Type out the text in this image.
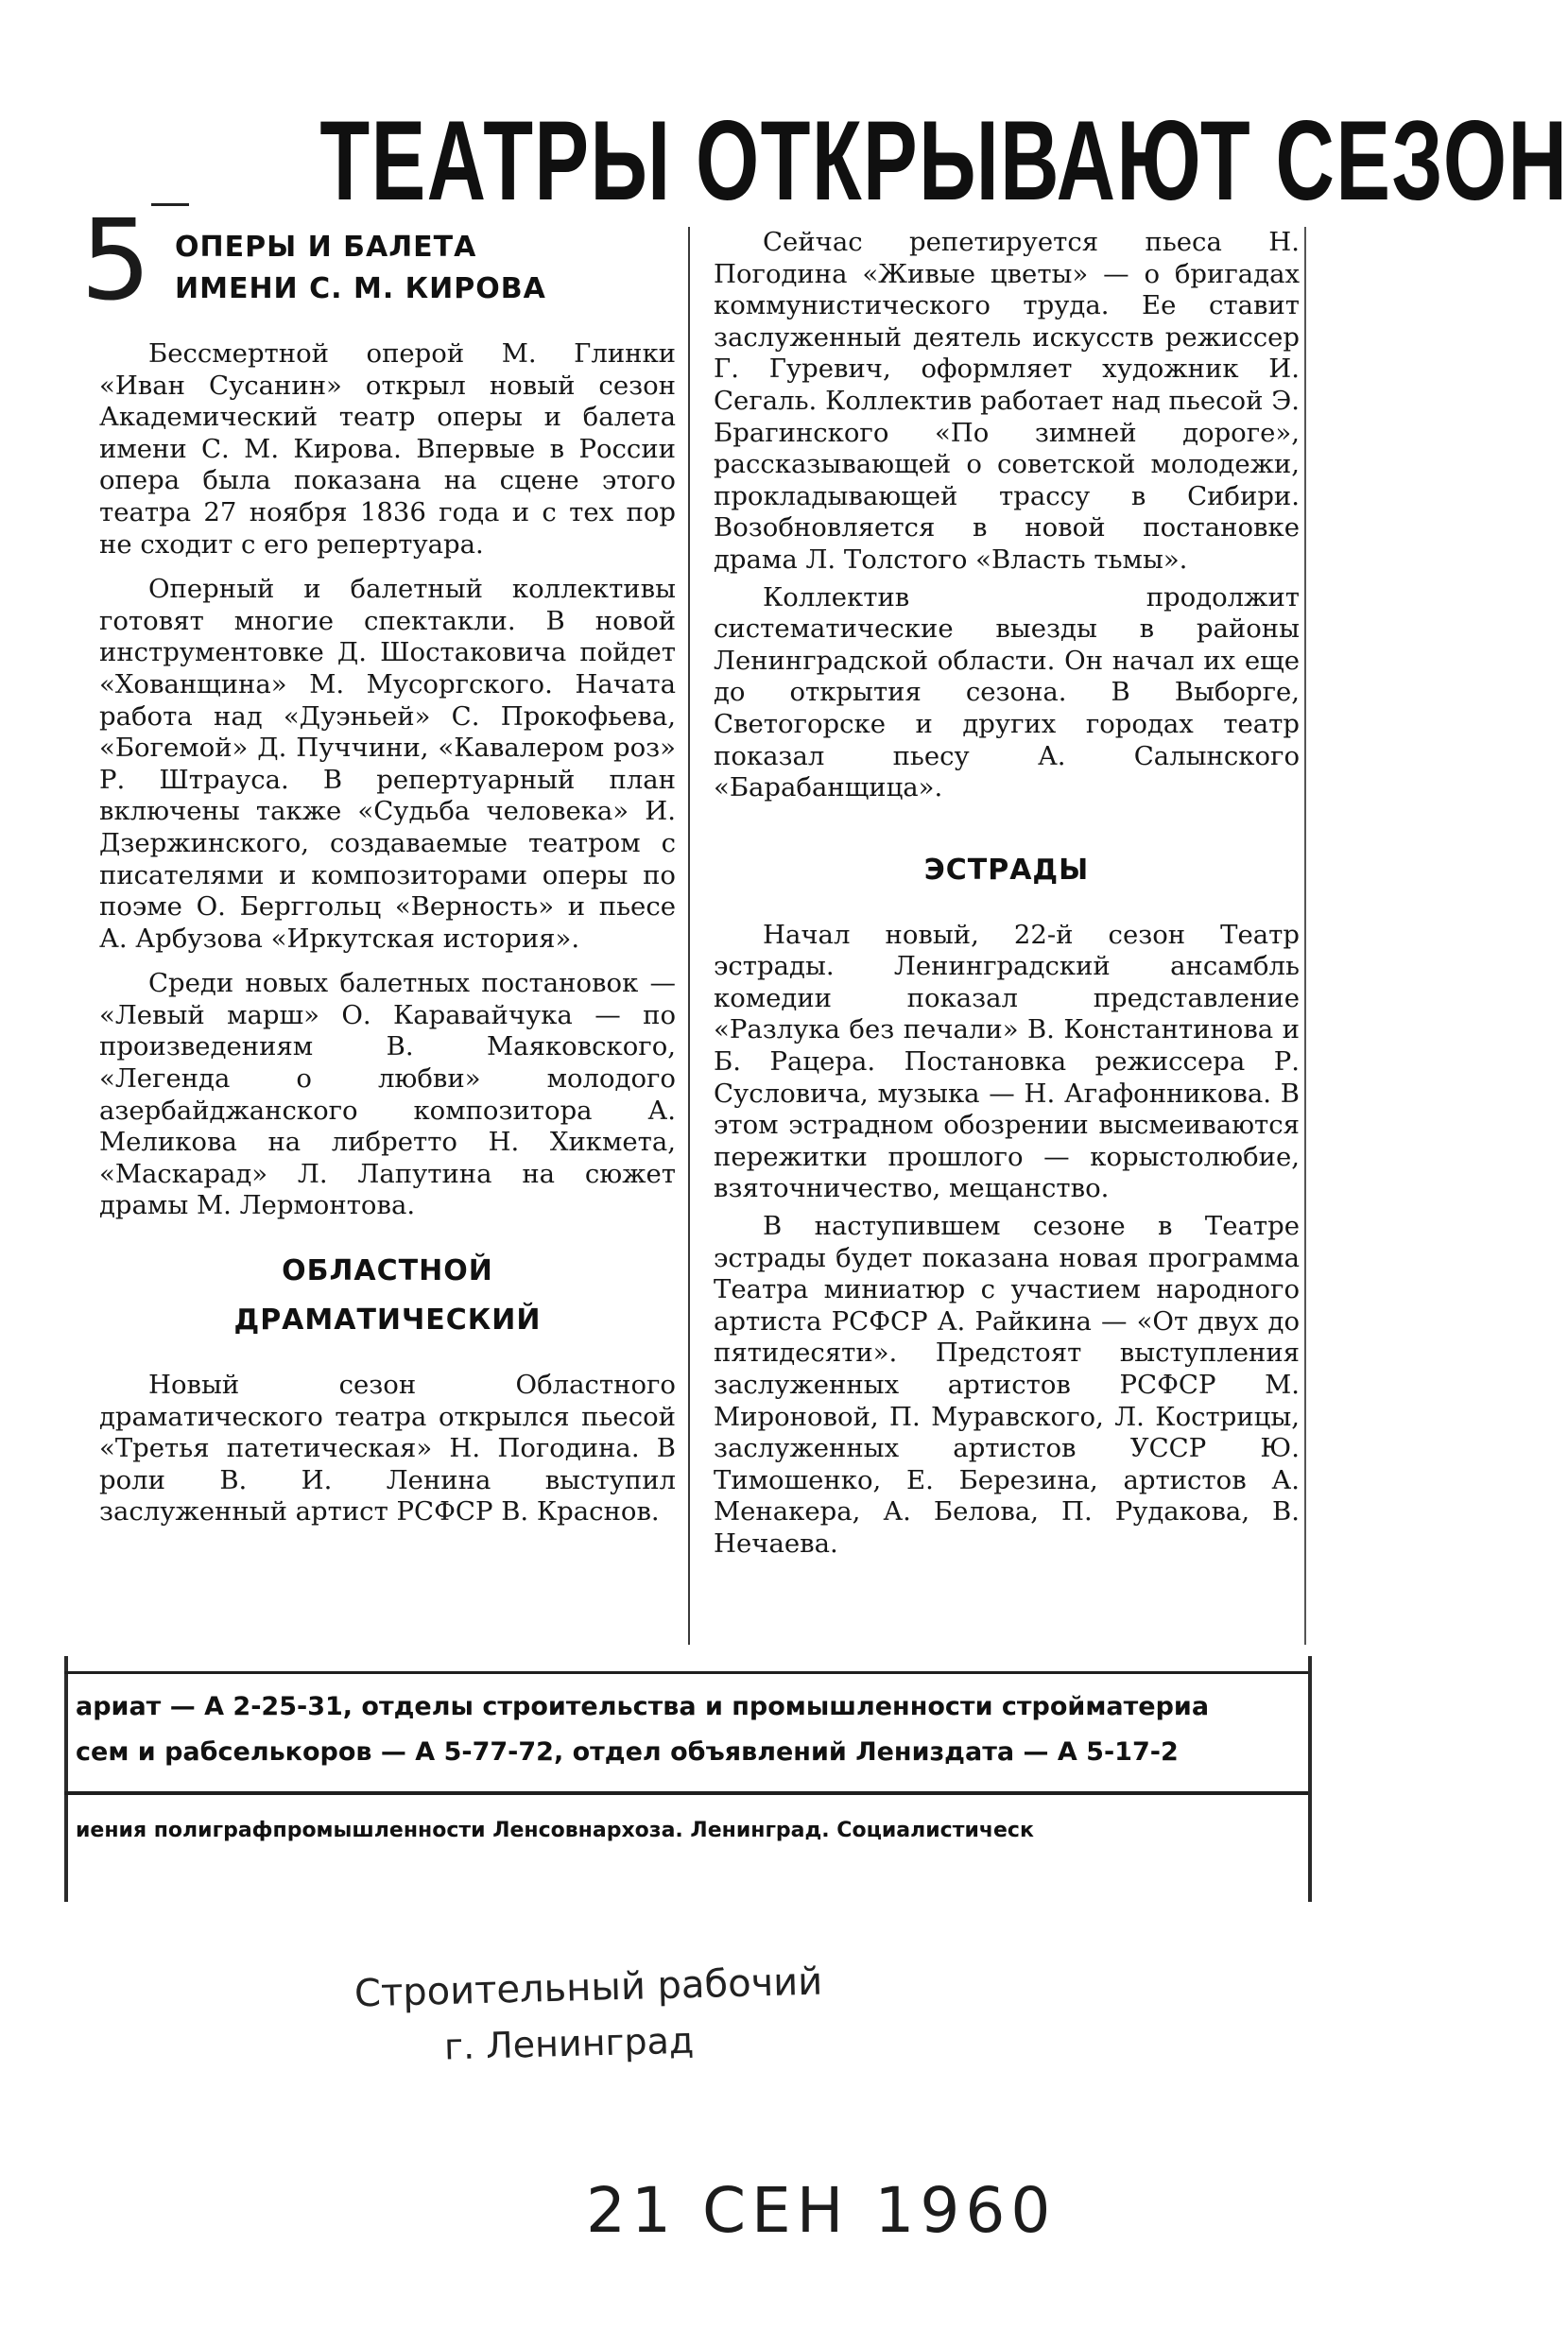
5
ТЕАТРЫ ОТКРЫВАЮТ СЕЗОН
ОПЕРЫ И БАЛЕТА
ИМЕНИ С. М. КИРОВА

Бессмертной оперой М. Глинки «Иван Сусанин» открыл новый сезон Академический театр оперы и балета имени С. М. Кирова. Впервые в России опера была показана на сцене этого театра 27 ноября 1836 года и с тех пор не сходит с его репертуара.

Оперный и балетный коллективы готовят многие спектакли. В новой инструментовке Д. Шостаковича пойдет «Хованщина» М. Мусоргского. Начата работа над «Дуэньей» С. Прокофьева, «Богемой» Д. Пуччини, «Кавалером роз» Р. Штрауса. В репертуарный план включены также «Судьба человека» И. Дзержинского, создаваемые театром с писателями и композиторами оперы по поэме О. Берггольц «Верность» и пьесе А. Арбузова «Иркутская история».

Среди новых балетных постановок — «Левый марш» О. Каравайчука — по произведениям В. Маяковского, «Легенда о любви» молодого азербайджанского композитора А. Меликова на либретто Н. Хикмета, «Маскарад» Л. Лапутина на сюжет драмы М. Лермонтова.

ОБЛАСТНОЙ
ДРАМАТИЧЕСКИЙ

Новый сезон Областного драматического театра открылся пьесой «Третья патетическая» Н. Погодина. В роли В. И. Ленина выступил заслуженный артист РСФСР В. Краснов.

Сейчас репетируется пьеса Н. Погодина «Живые цветы» — о бригадах коммунистического труда. Ее ставит заслуженный деятель искусств режиссер Г. Гуревич, оформляет художник И. Сегаль. Коллектив работает над пьесой Э. Брагинского «По зимней дороге», рассказывающей о советской молодежи, прокладывающей трассу в Сибири. Возобновляется в новой постановке драма Л. Толстого «Власть тьмы».

Коллектив продолжит систематические выезды в районы Ленинградской области. Он начал их еще до открытия сезона. В Выборге, Светогорске и других городах театр показал пьесу А. Салынского «Барабанщица».

ЭСТРАДЫ

Начал новый, 22-й сезон Театр эстрады. Ленинградский ансамбль комедии показал представление «Разлука без печали» В. Константинова и Б. Рацера. Постановка режиссера Р. Сусловича, музыка — Н. Агафонникова. В этом эстрадном обозрении высмеиваются пережитки прошлого — корыстолюбие, взяточничество, мещанство.

В наступившем сезоне в Театре эстрады будет показана новая программа Театра миниатюр с участием народного артиста РСФСР А. Райкина — «От двух до пятидесяти». Предстоят выступления заслуженных артистов РСФСР М. Мироновой, П. Муравского, Л. Кострицы, заслуженных артистов УССР Ю. Тимошенко, Е. Березина, артистов А. Менакера, А. Белова, П. Рудакова, В. Нечаева.

ариат — А 2-25-31, отделы строительства и промышленности стройматериа
сем и рабселькоров — А 5-77-72, отдел объявлений Лениздата — А 5-17-2
иения полиграфпромышленности Ленсовнархоза. Ленинград. Социалистическ
Строительный рабочий
г. Ленинград
21 СЕН 1960
